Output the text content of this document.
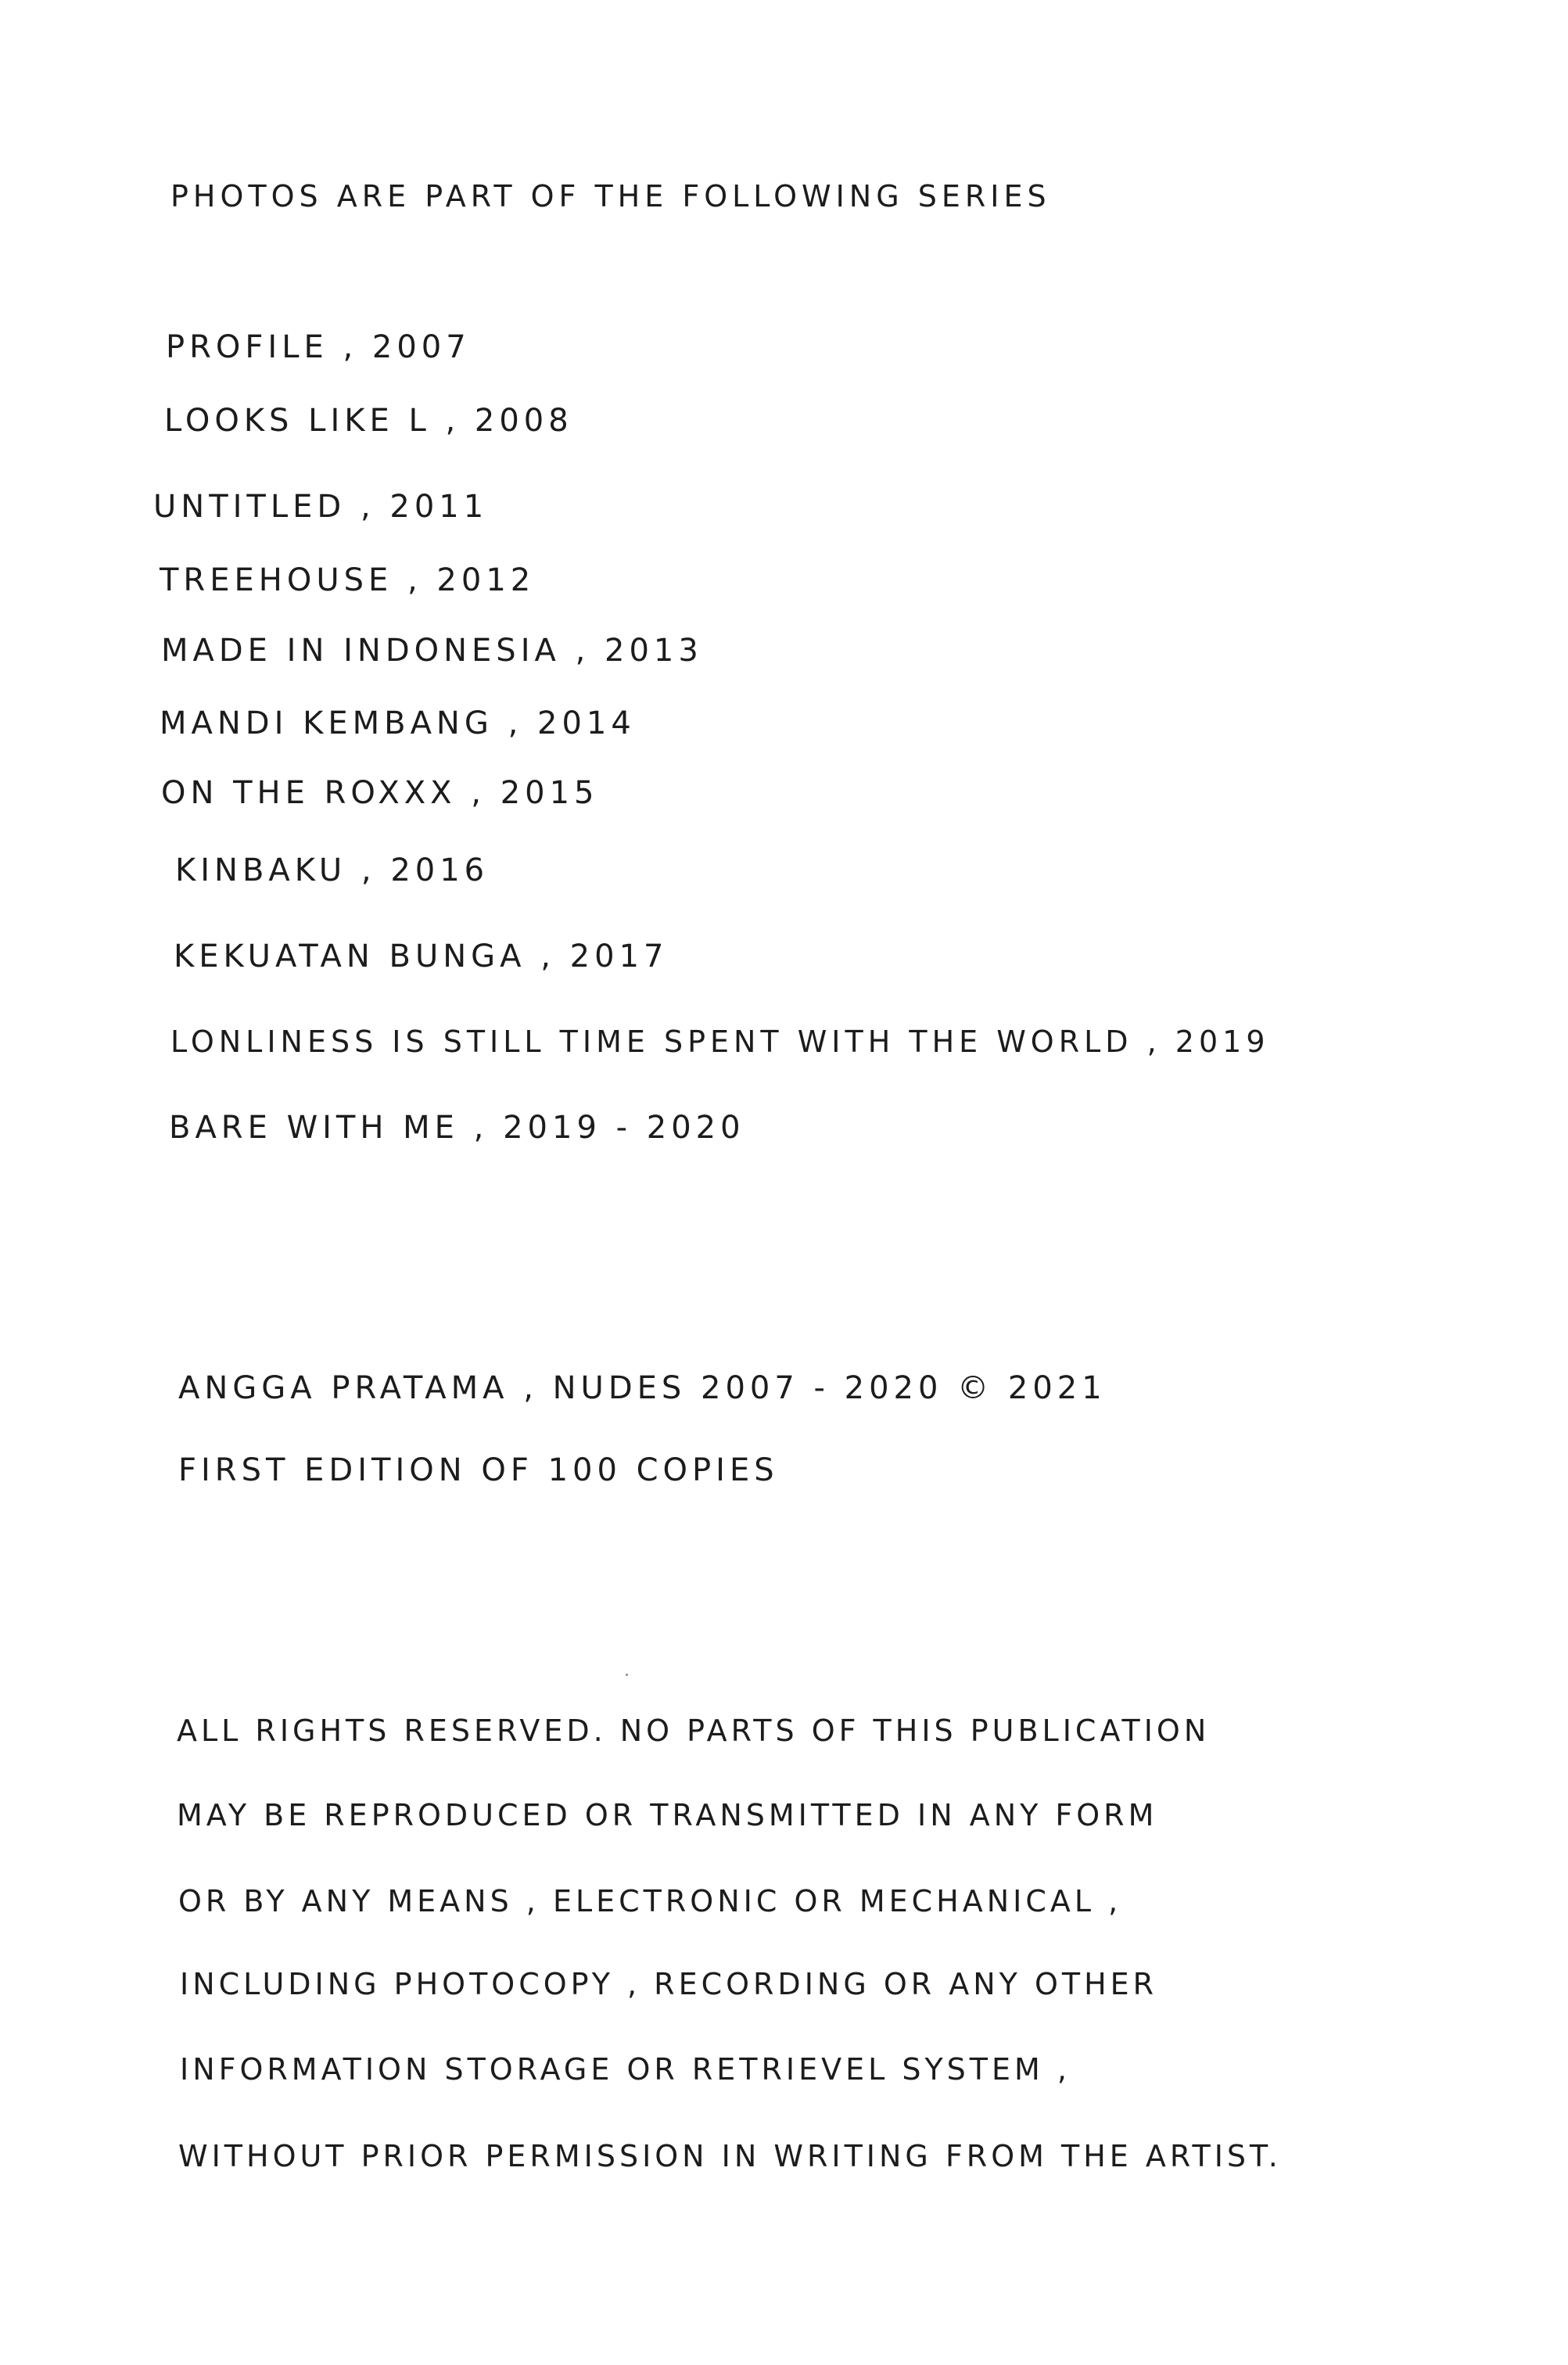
PHOTOS ARE PART OF THE FOLLOWING SERIES
PROFILE , 2007
LOOKS LIKE L , 2008
UNTITLED , 2011
TREEHOUSE , 2012
MADE IN INDONESIA , 2013
MANDI KEMBANG , 2014
ON THE ROXXX , 2015
KINBAKU , 2016
KEKUATAN BUNGA , 2017
LONLINESS IS STILL TIME SPENT WITH THE WORLD , 2019
BARE WITH ME , 2019 - 2020
ANGGA PRATAMA , NUDES 2007 - 2020 © 2021
FIRST EDITION OF 100 COPIES
ALL RIGHTS RESERVED. NO PARTS OF THIS PUBLICATION
MAY BE REPRODUCED OR TRANSMITTED IN ANY FORM
OR BY ANY MEANS , ELECTRONIC OR MECHANICAL ,
INCLUDING PHOTOCOPY , RECORDING OR ANY OTHER
INFORMATION STORAGE OR RETRIEVEL SYSTEM ,
WITHOUT PRIOR PERMISSION IN WRITING FROM THE ARTIST.
